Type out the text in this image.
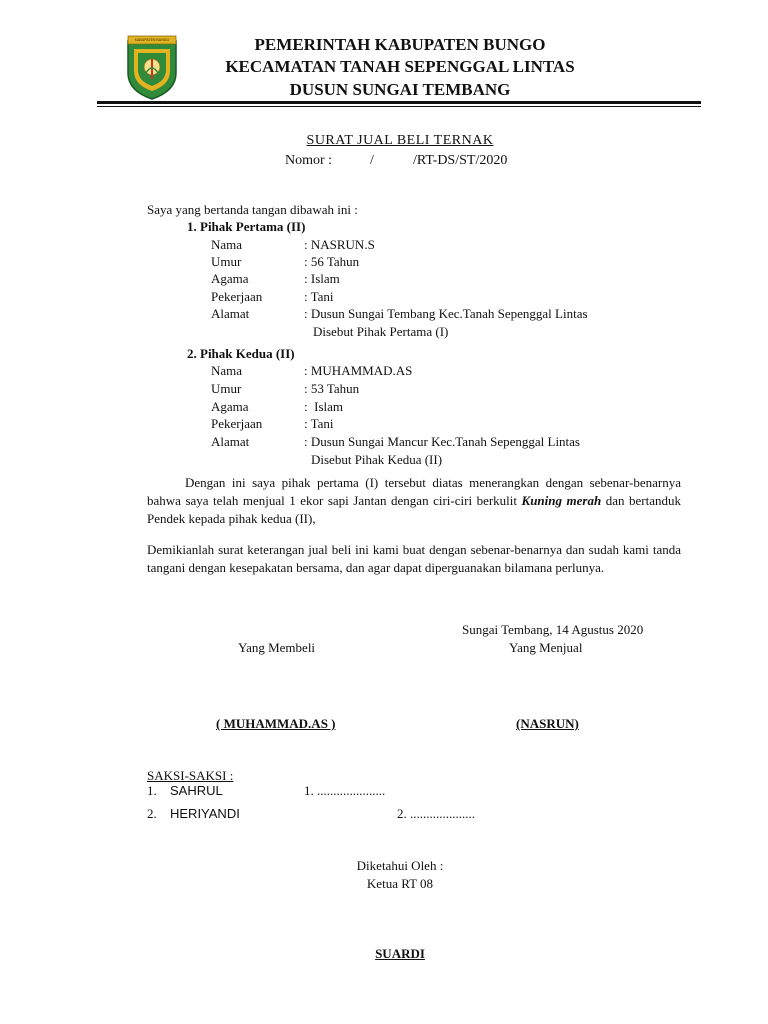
KABUPATEN BUNGO	PEMERINTAH KABUPATEN BUNGO
KECAMATAN TANAH SEPENGGAL LINTAS
DUSUN SUNGAI TEMBANG
SURAT JUAL BELI TERNAK
Nomor :	/	/RT-DS/ST/2020
Saya yang bertanda tangan dibawah ini :
1. Pihak Pertama (II)
Nama	: NASRUN.S
Umur	: 56 Tahun
Agama	: Islam
Pekerjaan	: Tani
Alamat	: Dusun Sungai Tembang Kec.Tanah Sepenggal Lintas
Disebut Pihak Pertama (I)
2. Pihak Kedua (II)
Nama	: MUHAMMAD.AS
Umur	: 53 Tahun
Agama	:  Islam
Pekerjaan	: Tani
Alamat	: Dusun Sungai Mancur Kec.Tanah Sepenggal Lintas
Disebut Pihak Kedua (II)

Dengan ini saya pihak pertama (I) tersebut diatas menerangkan dengan sebenar-benarnya bahwa saya telah menjual 1 ekor sapi Jantan dengan ciri-ciri berkulit Kuning merah dan bertanduk Pendek kepada pihak kedua (II),

Demikianlah surat keterangan jual beli ini kami buat dengan sebenar-benarnya dan sudah kami tanda tangani dengan kesepakatan bersama, dan agar dapat diperguanakan bilamana perlunya.

Sungai Tembang, 14 Agustus 2020
Yang Membeli	Yang Menjual
( MUHAMMAD.AS )	(NASRUN)
SAKSI-SAKSI :
1. SAHRUL	1. .....................
2. HERIYANDI	2. ....................
Diketahui Oleh :
Ketua RT 08
SUARDI
